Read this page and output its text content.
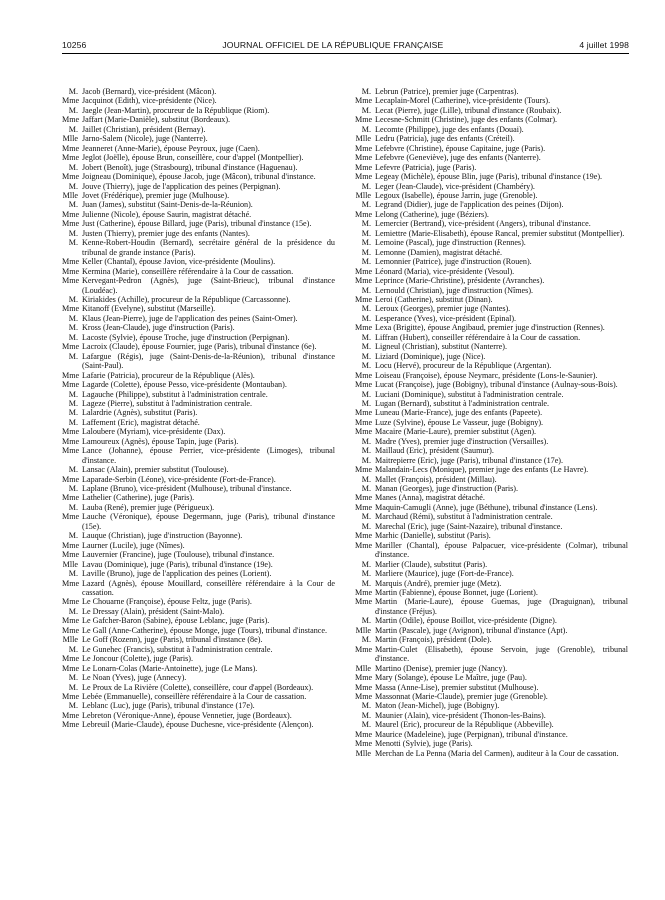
10256	JOURNAL OFFICIEL DE LA RÉPUBLIQUE FRANÇAISE	4 juillet 1998
M. Jacob (Bernard), vice-président (Mâcon).
Mme Jacquinot (Edith), vice-présidente (Nice).
M. Jaegle (Jean-Martin), procureur de la République (Riom).
Mme Jaffart (Marie-Danièle), substitut (Bordeaux).
M. Jaillet (Christian), président (Bernay).
Mlle Jarno-Salem (Nicole), juge (Nanterre).
Mme Jeanneret (Anne-Marie), épouse Peyroux, juge (Caen).
Mme Jeglot (Joëlle), épouse Brun, conseillère, cour d'appel (Montpellier).
M. Jobert (Benoît), juge (Strasbourg), tribunal d'instance (Haguenau).
Mme Joigneau (Dominique), épouse Jacob, juge (Mâcon), tribunal d'instance.
M. Jouve (Thierry), juge de l'application des peines (Perpignan).
Mlle Jovet (Frédérique), premier juge (Mulhouse).
M. Juan (James), substitut (Saint-Denis-de-la-Réunion).
Mme Julienne (Nicole), épouse Saurin, magistrat détaché.
Mme Just (Catherine), épouse Billard, juge (Paris), tribunal d'instance (15e).
M. Justen (Thierry), premier juge des enfants (Nantes).
M. Kenne-Robert-Houdin (Bernard), secrétaire général de la présidence du tribunal de grande instance (Paris).
Mme Keller (Chantal), épouse Javion, vice-présidente (Moulins).
Mme Kermina (Marie), conseillère référendaire à la Cour de cassation.
Mme Kervegant-Pedron (Agnès), juge (Saint-Brieuc), tribunal d'instance (Loudéac).
M. Kiriakides (Achille), procureur de la République (Carcassonne).
Mme Kitanoff (Evelyne), substitut (Marseille).
M. Klaus (Jean-Pierre), juge de l'application des peines (Saint-Omer).
M. Kross (Jean-Claude), juge d'instruction (Paris).
M. Lacoste (Sylvie), épouse Troche, juge d'instruction (Perpignan).
Mme Lacroix (Claude), épouse Fournier, juge (Paris), tribunal d'instance (6e).
M. Lafargue (Régis), juge (Saint-Denis-de-la-Réunion), tribunal d'instance (Saint-Paul).
Mme Lafarie (Patricia), procureur de la République (Alès).
Mme Lagarde (Colette), épouse Pesso, vice-présidente (Montauban).
M. Lagauche (Philippe), substitut à l'administration centrale.
M. Lageze (Pierre), substitut à l'administration centrale.
M. Lalardrie (Agnès), substitut (Paris).
M. Laffement (Eric), magistrat détaché.
Mme Laloubere (Myriam), vice-présidente (Dax).
Mme Lamoureux (Agnès), épouse Tapin, juge (Paris).
Mme Lance (Johanne), épouse Perrier, vice-présidente (Limoges), tribunal d'instance.
M. Lansac (Alain), premier substitut (Toulouse).
Mme Laparade-Serbin (Léone), vice-présidente (Fort-de-France).
M. Laplane (Bruno), vice-président (Mulhouse), tribunal d'instance.
Mme Lathelier (Catherine), juge (Paris).
M. Lauba (René), premier juge (Périgueux).
Mme Lauche (Véronique), épouse Degermann, juge (Paris), tribunal d'instance (15e).
M. Lauque (Christian), juge d'instruction (Bayonne).
Mme Laurner (Lucile), juge (Nîmes).
Mme Lauvernier (Francine), juge (Toulouse), tribunal d'instance.
Mlle Lavau (Dominique), juge (Paris), tribunal d'instance (19e).
M. Laville (Bruno), juge de l'application des peines (Lorient).
Mme Lazard (Agnès), épouse Mouillard, conseillère référendaire à la Cour de cassation.
Mme Le Chouarne (Françoise), épouse Feltz, juge (Paris).
M. Le Dressay (Alain), président (Saint-Malo).
Mme Le Gafcher-Baron (Sabine), épouse Leblanc, juge (Paris).
Mme Le Gall (Anne-Catherine), épouse Monge, juge (Tours), tribunal d'instance.
Mlle Le Goff (Rozenn), juge (Paris), tribunal d'instance (8e).
M. Le Gunehec (Francis), substitut à l'administration centrale.
Mme Le Joncour (Colette), juge (Paris).
Mme Le Lonarn-Colas (Marie-Antoinette), juge (Le Mans).
M. Le Noan (Yves), juge (Annecy).
M. Le Proux de La Rivière (Colette), conseillère, cour d'appel (Bordeaux).
Mme Lebée (Emmanuelle), conseillère référendaire à la Cour de cassation.
M. Leblanc (Luc), juge (Paris), tribunal d'instance (17e).
Mme Lebreton (Véronique-Anne), épouse Vennetier, juge (Bordeaux).
Mme Lebreuil (Marie-Claude), épouse Duchesne, vice-présidente (Alençon).
M. Lebrun (Patrice), premier juge (Carpentras).
Mme Lecaplain-Morel (Catherine), vice-présidente (Tours).
M. Lecat (Pierre), juge (Lille), tribunal d'instance (Roubaix).
Mme Lecesne-Schmitt (Christine), juge des enfants (Colmar).
M. Lecomte (Philippe), juge des enfants (Douai).
Mlle Ledru (Patricia), juge des enfants (Créteil).
Mme Lefebvre (Christine), épouse Capitaine, juge (Paris).
Mme Lefebvre (Geneviève), juge des enfants (Nanterre).
Mme Lefevre (Patricia), juge (Paris).
Mme Legeay (Michèle), épouse Blin, juge (Paris), tribunal d'instance (19e).
M. Leger (Jean-Claude), vice-président (Chambéry).
Mlle Legoux (Isabelle), épouse Jarrin, juge (Grenoble).
M. Legrand (Didier), juge de l'application des peines (Dijon).
Mme Lelong (Catherine), juge (Béziers).
M. Lemercier (Bertrand), vice-président (Angers), tribunal d'instance.
M. Lemiettre (Marie-Elisabeth), épouse Rancal, premier substitut (Montpellier).
M. Lemoine (Pascal), juge d'instruction (Rennes).
M. Lemonne (Damien), magistrat détaché.
M. Lemonnier (Patrice), juge d'instruction (Rouen).
Mme Léonard (Maria), vice-présidente (Vesoul).
Mme Leprince (Marie-Christine), présidente (Avranches).
M. Lernould (Christian), juge d'instruction (Nîmes).
Mme Leroi (Catherine), substitut (Dinan).
M. Leroux (Georges), premier juge (Nantes).
M. Lesperance (Yves), vice-président (Epinal).
Mme Lexa (Brigitte), épouse Angibaud, premier juge d'instruction (Rennes).
M. Liffran (Hubert), conseiller référendaire à la Cour de cassation.
M. Ligneul (Christian), substitut (Nanterre).
M. Liziard (Dominique), juge (Nice).
M. Locu (Hervé), procureur de la République (Argentan).
Mme Loiseau (Françoise), épouse Neymarc, présidente (Lons-le-Saunier).
Mme Lucat (Françoise), juge (Bobigny), tribunal d'instance (Aulnay-sous-Bois).
M. Luciani (Dominique), substitut à l'administration centrale.
M. Lugan (Bernard), substitut à l'administration centrale.
Mme Luneau (Marie-France), juge des enfants (Papeete).
Mme Luze (Sylvine), épouse Le Vasseur, juge (Bobigny).
Mme Macaire (Marie-Laure), premier substitut (Agen).
M. Madre (Yves), premier juge d'instruction (Versailles).
M. Maillaud (Eric), président (Saumur).
M. Maitrepierre (Eric), juge (Paris), tribunal d'instance (17e).
Mme Malandain-Lecs (Monique), premier juge des enfants (Le Havre).
M. Mallet (François), président (Millau).
M. Manan (Georges), juge d'instruction (Paris).
Mme Manes (Anna), magistrat détaché.
Mme Maquin-Camugli (Anne), juge (Béthune), tribunal d'instance (Lens).
M. Marchaud (Rémi), substitut à l'administration centrale.
M. Marechal (Eric), juge (Saint-Nazaire), tribunal d'instance.
Mme Marhic (Danielle), substitut (Paris).
Mme Mariller (Chantal), épouse Palpacuer, vice-présidente (Colmar), tribunal d'instance.
M. Marlier (Claude), substitut (Paris).
M. Marliere (Maurice), juge (Fort-de-France).
M. Marquis (André), premier juge (Metz).
Mme Martin (Fabienne), épouse Bonnet, juge (Lorient).
Mme Martin (Marie-Laure), épouse Guemas, juge (Draguignan), tribunal d'instance (Fréjus).
M. Martin (Odile), épouse Boillot, vice-présidente (Digne).
Mlle Martin (Pascale), juge (Avignon), tribunal d'instance (Apt).
M. Martin (François), président (Dole).
Mme Martin-Culet (Elisabeth), épouse Servoin, juge (Grenoble), tribunal d'instance.
Mlle Martino (Denise), premier juge (Nancy).
Mme Mary (Solange), épouse Le Maître, juge (Pau).
Mme Massa (Anne-Lise), premier substitut (Mulhouse).
Mme Massonnat (Marie-Claude), premier juge (Grenoble).
M. Maton (Jean-Michel), juge (Bobigny).
M. Maunier (Alain), vice-président (Thonon-les-Bains).
M. Maurel (Eric), procureur de la République (Abbeville).
Mme Maurice (Madeleine), juge (Perpignan), tribunal d'instance.
Mme Menotti (Sylvie), juge (Paris).
Mlle Merchan de La Penna (Maria del Carmen), auditeur à la Cour de cassation.
